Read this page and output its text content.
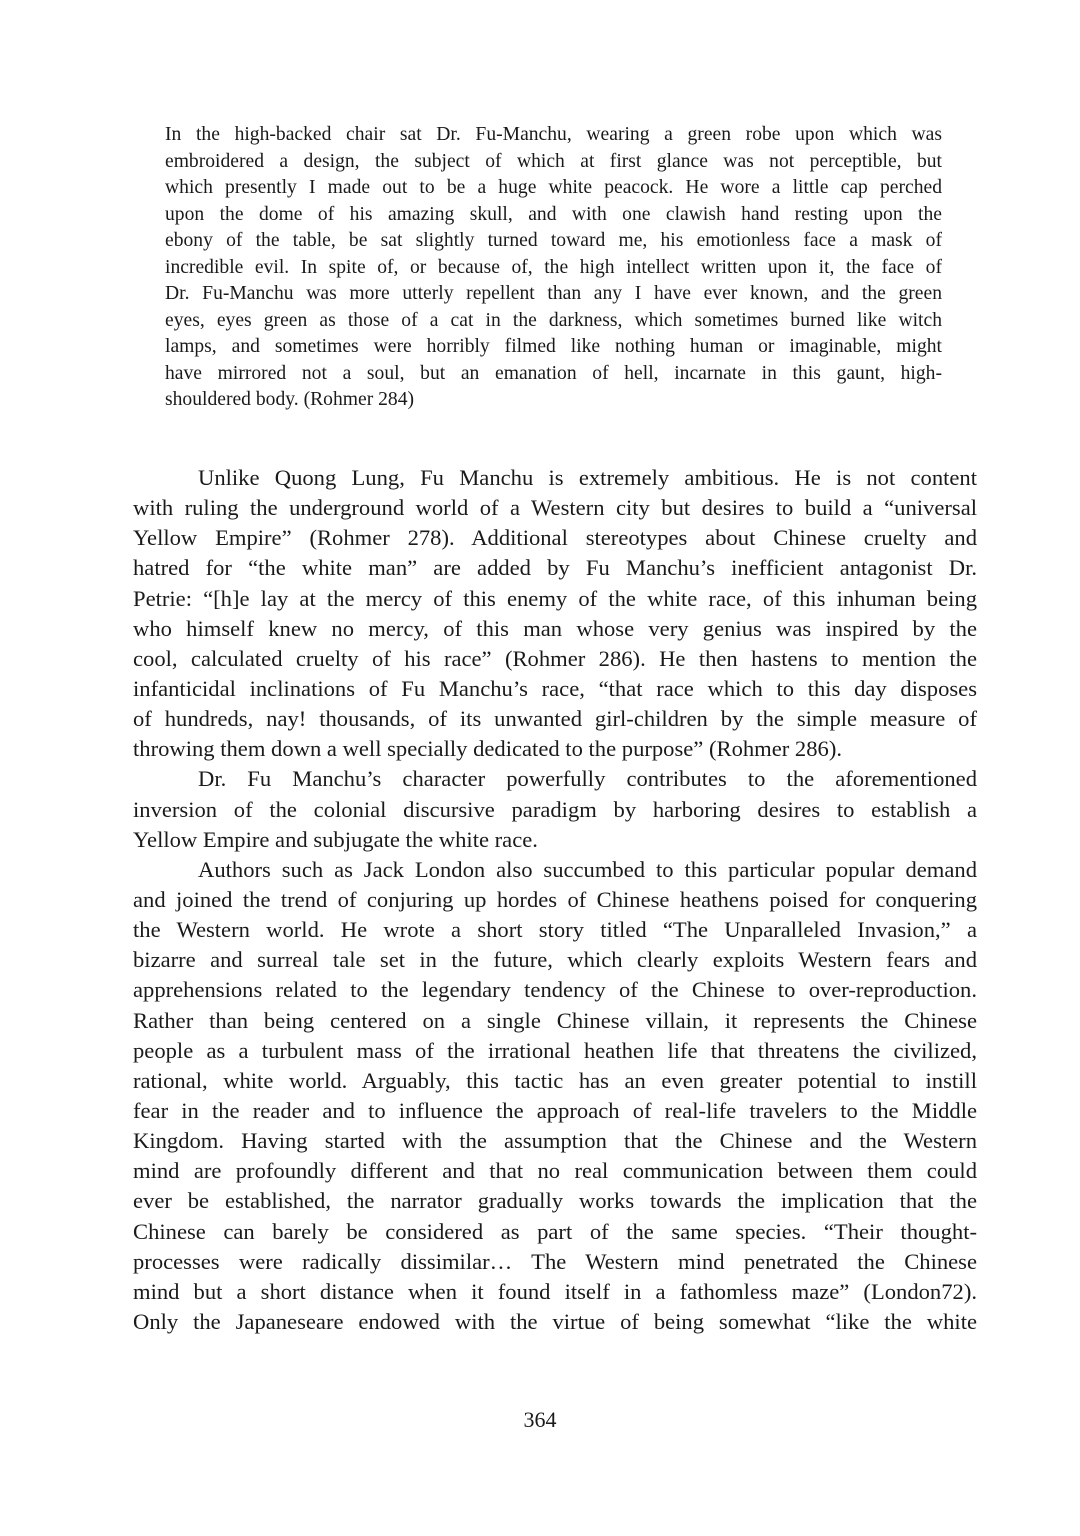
In the high-backed chair sat Dr. Fu-Manchu, wearing a green robe upon which was
embroidered a design, the subject of which at first glance was not perceptible, but
which presently I made out to be a huge white peacock. He wore a little cap perched
upon the dome of his amazing skull, and with one clawish hand resting upon the
ebony of the table, be sat slightly turned toward me, his emotionless face a mask of
incredible evil. In spite of, or because of, the high intellect written upon it, the face of
Dr. Fu-Manchu was more utterly repellent than any I have ever known, and the green
eyes, eyes green as those of a cat in the darkness, which sometimes burned like witch
lamps, and sometimes were horribly filmed like nothing human or imaginable, might
have mirrored not a soul, but an emanation of hell, incarnate in this gaunt, high-
shouldered body. (Rohmer 284)
Unlike Quong Lung, Fu Manchu is extremely ambitious. He is not content
with ruling the underground world of a Western city but desires to build a “universal
Yellow Empire” (Rohmer 278). Additional stereotypes about Chinese cruelty and
hatred for “the white man” are added by Fu Manchu’s inefficient antagonist Dr.
Petrie: “[h]e lay at the mercy of this enemy of the white race, of this inhuman being
who himself knew no mercy, of this man whose very genius was inspired by the
cool, calculated cruelty of his race” (Rohmer 286). He then hastens to mention the
infanticidal inclinations of Fu Manchu’s race, “that race which to this day disposes
of hundreds, nay! thousands, of its unwanted girl-children by the simple measure of
throwing them down a well specially dedicated to the purpose” (Rohmer 286).
Dr. Fu Manchu’s character powerfully contributes to the aforementioned
inversion of the colonial discursive paradigm by harboring desires to establish a
Yellow Empire and subjugate the white race.
Authors such as Jack London also succumbed to this particular popular demand
and joined the trend of conjuring up hordes of Chinese heathens poised for conquering
the Western world. He wrote a short story titled “The Unparalleled Invasion,” a
bizarre and surreal tale set in the future, which clearly exploits Western fears and
apprehensions related to the legendary tendency of the Chinese to over-reproduction.
Rather than being centered on a single Chinese villain, it represents the Chinese
people as a turbulent mass of the irrational heathen life that threatens the civilized,
rational, white world. Arguably, this tactic has an even greater potential to instill
fear in the reader and to influence the approach of real-life travelers to the Middle
Kingdom. Having started with the assumption that the Chinese and the Western
mind are profoundly different and that no real communication between them could
ever be established, the narrator gradually works towards the implication that the
Chinese can barely be considered as part of the same species. “Their thought-
processes were radically dissimilar… The Western mind penetrated the Chinese
mind but a short distance when it found itself in a fathomless maze” (London72).
Only the Japaneseare endowed with the virtue of being somewhat “like the white
364
